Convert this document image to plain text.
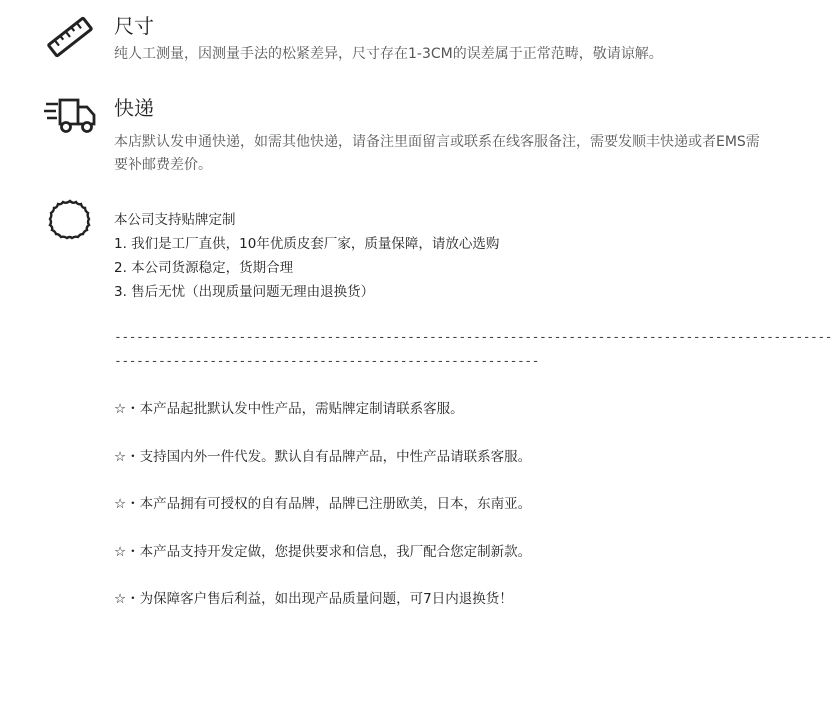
尺寸
纯人工测量，因测量手法的松紧差异，尺寸存在1-3CM的误差属于正常范畴，敬请谅解。
快递
本店默认发申通快递，如需其他快递，请备注里面留言或联系在线客服备注，需要发顺丰快递或者EMS需要补邮费差价。
本公司支持贴牌定制
1. 我们是工厂直供，10年优质皮套厂家，质量保障，请放心选购
2. 本公司货源稳定，货期合理
3. 售后无忧（出现质量问题无理由退换货）
--------------------------------------------------------------------------------------------------
----------------------------------------------------------
☆・本产品起批默认发中性产品，需贴牌定制请联系客服。
☆・支持国内外一件代发。默认自有品牌产品，中性产品请联系客服。
☆・本产品拥有可授权的自有品牌，品牌已注册欧美，日本，东南亚。
☆・本产品支持开发定做，您提供要求和信息，我厂配合您定制新款。
☆・为保障客户售后利益，如出现产品质量问题，可7日内退换货！
